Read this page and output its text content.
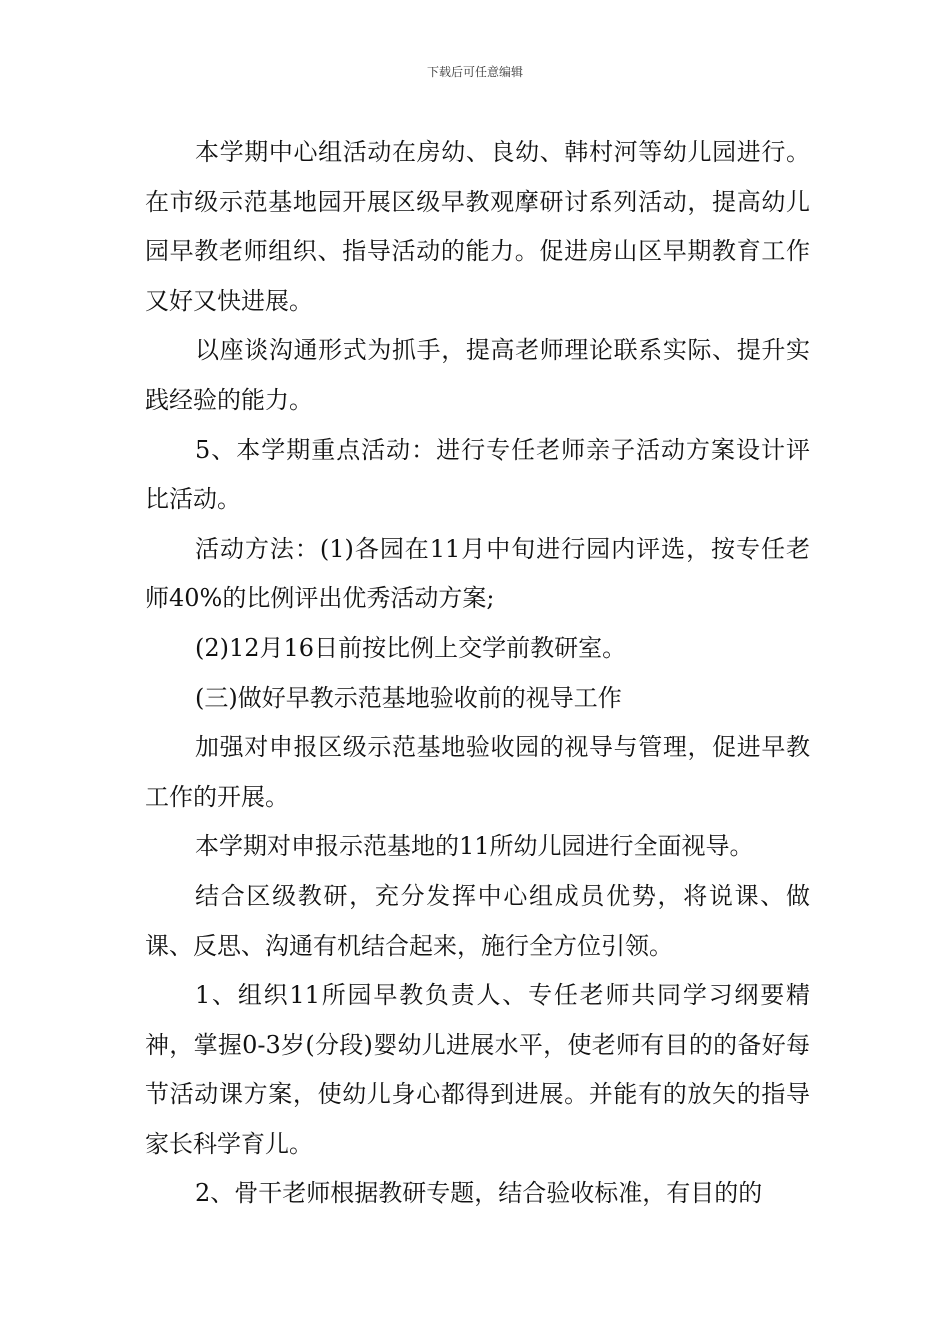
下载后可任意编辑

本学期中心组活动在房幼、良幼、韩村河等幼儿园进行。在市级示范基地园开展区级早教观摩研讨系列活动，提高幼儿园早教老师组织、指导活动的能力。促进房山区早期教育工作又好又快进展。

以座谈沟通形式为抓手，提高老师理论联系实际、提升实践经验的能力。

5、本学期重点活动：进行专任老师亲子活动方案设计评比活动。

活动方法：(1)各园在11月中旬进行园内评选，按专任老师40%的比例评出优秀活动方案;

(2)12月16日前按比例上交学前教研室。

(三)做好早教示范基地验收前的视导工作

加强对申报区级示范基地验收园的视导与管理，促进早教工作的开展。

本学期对申报示范基地的11所幼儿园进行全面视导。

结合区级教研，充分发挥中心组成员优势，将说课、做课、反思、沟通有机结合起来，施行全方位引领。

1、组织11所园早教负责人、专任老师共同学习纲要精神，掌握0-3岁(分段)婴幼儿进展水平，使老师有目的的备好每节活动课方案，使幼儿身心都得到进展。并能有的放矢的指导家长科学育儿。

2、骨干老师根据教研专题，结合验收标准，有目的的
